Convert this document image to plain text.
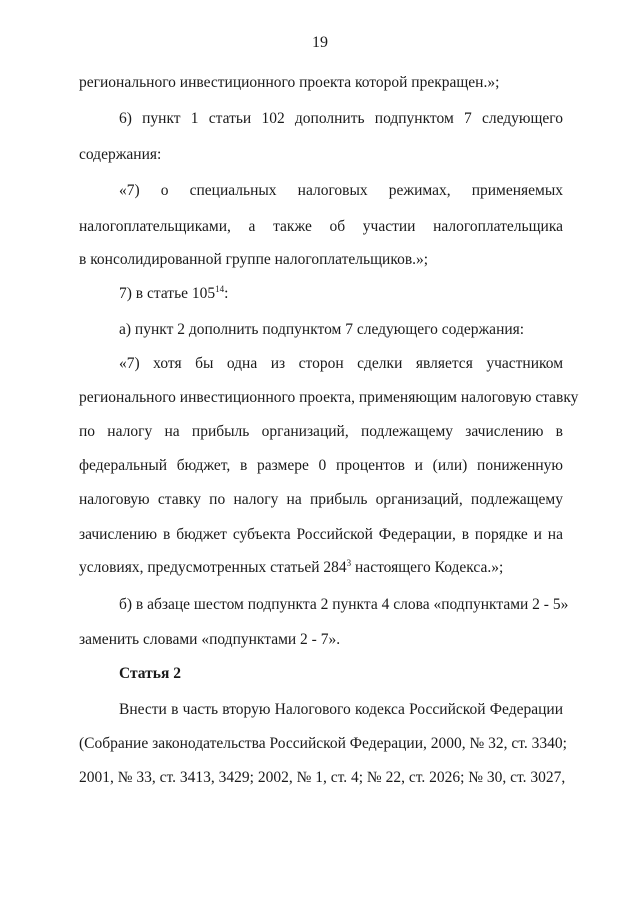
19
регионального инвестиционного проекта которой прекращен.»;
6) пункт 1 статьи 102 дополнить подпунктом 7 следующего
содержания:
«7) о специальных налоговых режимах, применяемых
налогоплательщиками, а также об участии налогоплательщика
в консолидированной группе налогоплательщиков.»;
7) в статье $105^{14}$:
а) пункт 2 дополнить подпунктом 7 следующего содержания:
«7) хотя бы одна из сторон сделки является участником
регионального инвестиционного проекта, применяющим налоговую ставку
по налогу на прибыль организаций, подлежащему зачислению в
федеральный бюджет, в размере 0 процентов и (или) пониженную
налоговую ставку по налогу на прибыль организаций, подлежащему
зачислению в бюджет субъекта Российской Федерации, в порядке и на
условиях, предусмотренных статьей $284^3$ настоящего Кодекса.»;
б) в абзаце шестом подпункта 2 пункта 4 слова «подпунктами 2 - 5»
заменить словами «подпунктами 2 - 7».
Статья 2
Внести в часть вторую Налогового кодекса Российской Федерации
(Собрание законодательства Российской Федерации, 2000, № 32, ст. 3340;
2001, № 33, ст. 3413, 3429; 2002, № 1, ст. 4; № 22, ст. 2026; № 30, ст. 3027,
